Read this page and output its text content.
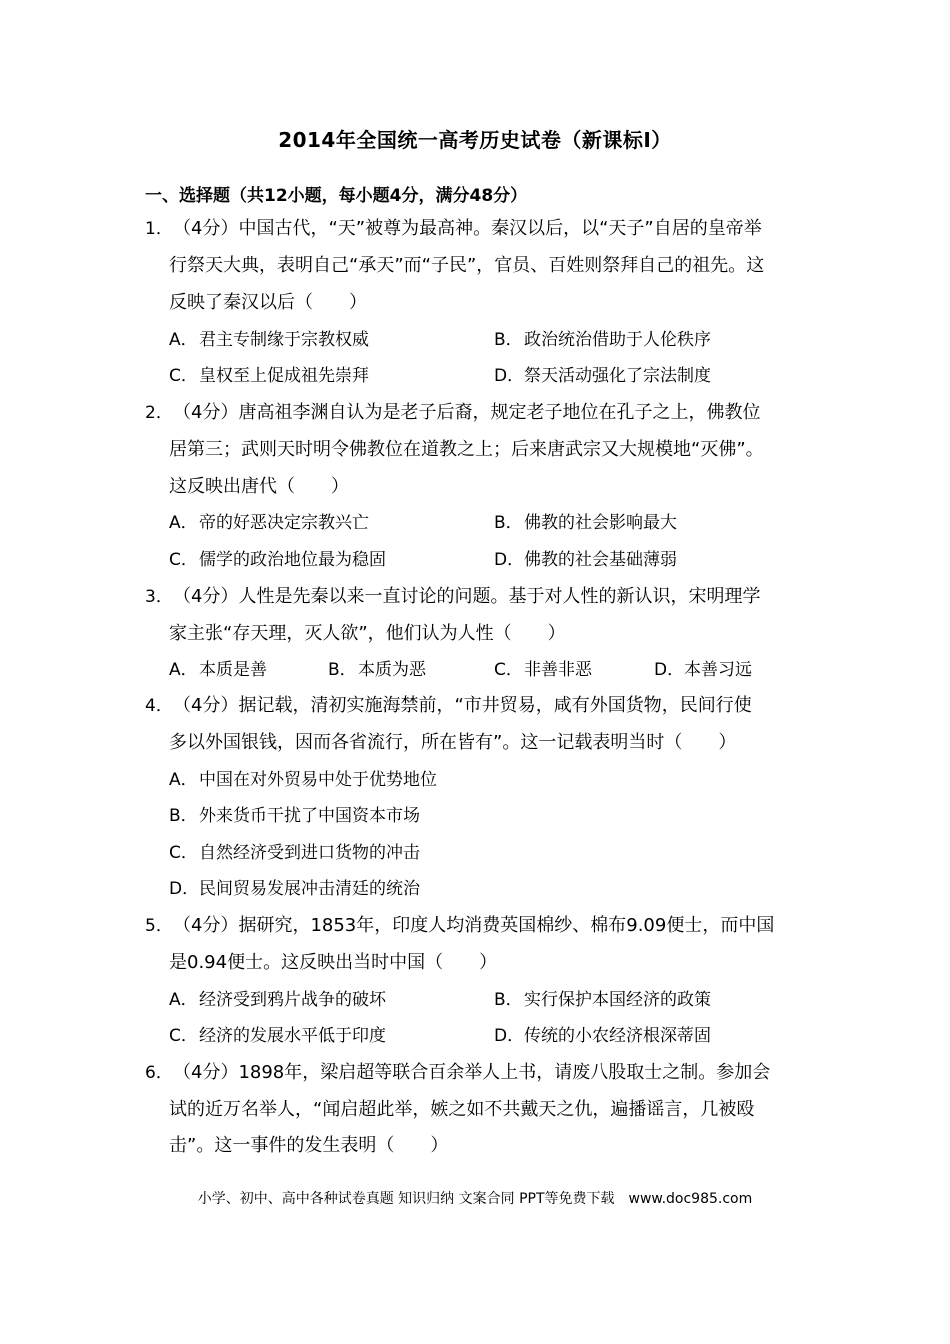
2014年全国统一高考历史试卷（新课标I）
一、选择题（共12小题，每小题4分，满分48分）
1． （4分）中国古代，“天”被尊为最高神。秦汉以后，以“天子”自居的皇帝举
行祭天大典，表明自己“承天”而“子民”，官员、百姓则祭拜自己的祖先。这
反映了秦汉以后（　　）
A．君主专制缘于宗教权威	B．政治统治借助于人伦秩序
C．皇权至上促成祖先崇拜	D．祭天活动强化了宗法制度
2． （4分）唐高祖李渊自认为是老子后裔，规定老子地位在孔子之上，佛教位
居第三；武则天时明令佛教位在道教之上；后来唐武宗又大规模地“灭佛”。
这反映出唐代（　　）
A．帝的好恶决定宗教兴亡	B．佛教的社会影响最大
C．儒学的政治地位最为稳固	D．佛教的社会基础薄弱
3． （4分）人性是先秦以来一直讨论的问题。基于对人性的新认识，宋明理学
家主张“存天理，灭人欲”，他们认为人性（　　）
A．本质是善	B．本质为恶	C．非善非恶	D．本善习远
4． （4分）据记载，清初实施海禁前，“市井贸易，咸有外国货物，民间行使
多以外国银钱，因而各省流行，所在皆有”。这一记载表明当时（　　）
A．中国在对外贸易中处于优势地位
B．外来货币干扰了中国资本市场
C．自然经济受到进口货物的冲击
D．民间贸易发展冲击清廷的统治
5． （4分）据研究，1853年，印度人均消费英国棉纱、棉布9.09便士，而中国
是0.94便士。这反映出当时中国（　　）
A．经济受到鸦片战争的破坏	B．实行保护本国经济的政策
C．经济的发展水平低于印度	D．传统的小农经济根深蒂固
6． （4分）1898年，梁启超等联合百余举人上书，请废八股取士之制。参加会
试的近万名举人，“闻启超此举，嫉之如不共戴天之仇，遍播谣言，几被殴
击”。这一事件的发生表明（　　）
小学、初中、高中各种试卷真题 知识归纳 文案合同 PPT等免费下载　www.doc985.com
